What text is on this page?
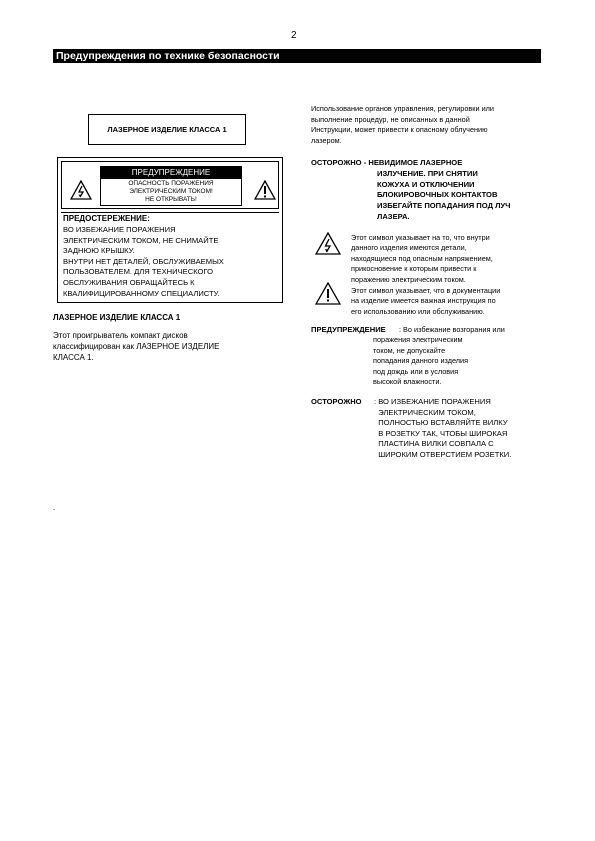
2
Предупреждения по технике безопасности
ЛАЗЕРНОЕ ИЗДЕЛИЕ КЛАССА 1
ПРЕДУПРЕЖДЕНИЕ
ОПАСНОСТЬ ПОРАЖЕНИЯ
ЭЛЕКТРИЧЕСКИМ ТОКОМ!
НЕ ОТКРЫВАТЬ!
ПРЕДОСТЕРЕЖЕНИЕ:
ВО ИЗБЕЖАНИЕ ПОРАЖЕНИЯ
ЭЛЕКТРИЧЕСКИМ ТОКОМ, НЕ СНИМАЙТЕ
ЗАДНЮЮ КРЫШКУ.
ВНУТРИ НЕТ ДЕТАЛЕЙ, ОБСЛУЖИВАЕМЫХ
ПОЛЬЗОВАТЕЛЕМ. ДЛЯ ТЕХНИЧЕСКОГО
ОБСЛУЖИВАНИЯ ОБРАЩАЙТЕСЬ К
КВАЛИФИЦИРОВАННОМУ СПЕЦИАЛИСТУ.
ЛАЗЕРНОЕ ИЗДЕЛИЕ КЛАССА 1
Этот проигрыватель компакт дисков
классифицирован как ЛАЗЕРНОЕ ИЗДЕЛИЕ
КЛАССА 1.
.
Использование органов управления, регулировки или
выполнение процедур, не описанных в данной
Инструкции, может привести к опасному облучению
лазером.
ОСТОРОЖНО - НЕВИДИМОЕ ЛАЗЕРНОЕ
ИЗЛУЧЕНИЕ. ПРИ СНЯТИИ
КОЖУХА И ОТКЛЮЧЕНИИ
БЛОКИРОВОЧНЫХ КОНТАКТОВ
ИЗБЕГАЙТЕ ПОПАДАНИЯ ПОД ЛУЧ
ЛАЗЕРА.
Этот символ указывает на то, что внутри
данного изделия имеются детали,
находящиеся под опасным напряжением,
прикосновение к которым привести к
поражению электрическим током.
Этот символ указывает, что в документации
на изделие имеется важная инструкция по
его использованию или обслуживанию.
ПРЕДУПРЕЖДЕНИЕ : Во избежание возгорания или
поражения электрическим
током, не допускайте
попадания данного изделия
под дождь или в условия
высокой влажности.
ОСТОРОЖНО : ВО ИЗБЕЖАНИЕ ПОРАЖЕНИЯ
ЭЛЕКТРИЧЕСКИМ ТОКОМ,
ПОЛНОСТЬЮ ВСТАВЛЯЙТЕ ВИЛКУ
В РОЗЕТКУ ТАК, ЧТОБЫ ШИРОКАЯ
ПЛАСТИНА ВИЛКИ СОВПАЛА С
ШИРОКИМ ОТВЕРСТИЕМ РОЗЕТКИ.
